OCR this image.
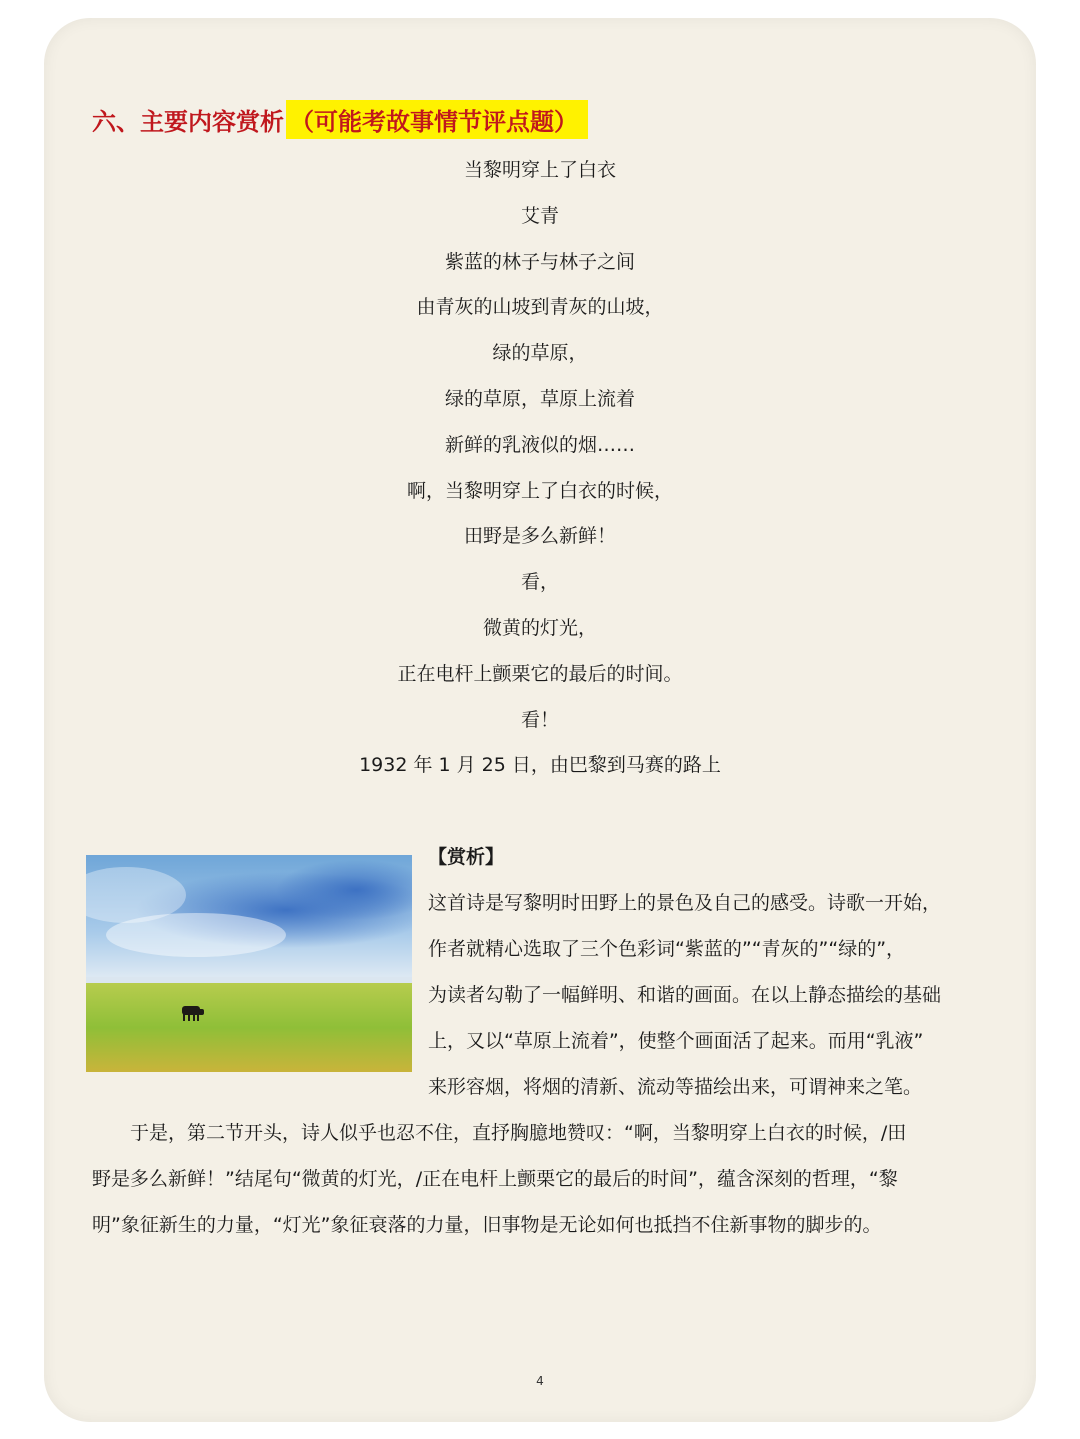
六、主要内容赏析 （可能考故事情节评点题）
当黎明穿上了白衣
艾青
紫蓝的林子与林子之间
由青灰的山坡到青灰的山坡，
绿的草原，
绿的草原，草原上流着
新鲜的乳液似的烟……
啊，当黎明穿上了白衣的时候，
田野是多么新鲜！
看，
微黄的灯光，
正在电杆上颤栗它的最后的时间。
看！
1932 年 1 月 25 日，由巴黎到马赛的路上
【赏析】
这首诗是写黎明时田野上的景色及自己的感受。诗歌一开始，
作者就精心选取了三个色彩词“紫蓝的”“青灰的”“绿的”，
为读者勾勒了一幅鲜明、和谐的画面。在以上静态描绘的基础
上，又以“草原上流着”，使整个画面活了起来。而用“乳液”
来形容烟，将烟的清新、流动等描绘出来，可谓神来之笔。
　　于是，第二节开头，诗人似乎也忍不住，直抒胸臆地赞叹：“啊，当黎明穿上白衣的时候，/田
野是多么新鲜！”结尾句“微黄的灯光，/正在电杆上颤栗它的最后的时间”，蕴含深刻的哲理，“黎
明”象征新生的力量，“灯光”象征衰落的力量，旧事物是无论如何也抵挡不住新事物的脚步的。
4
